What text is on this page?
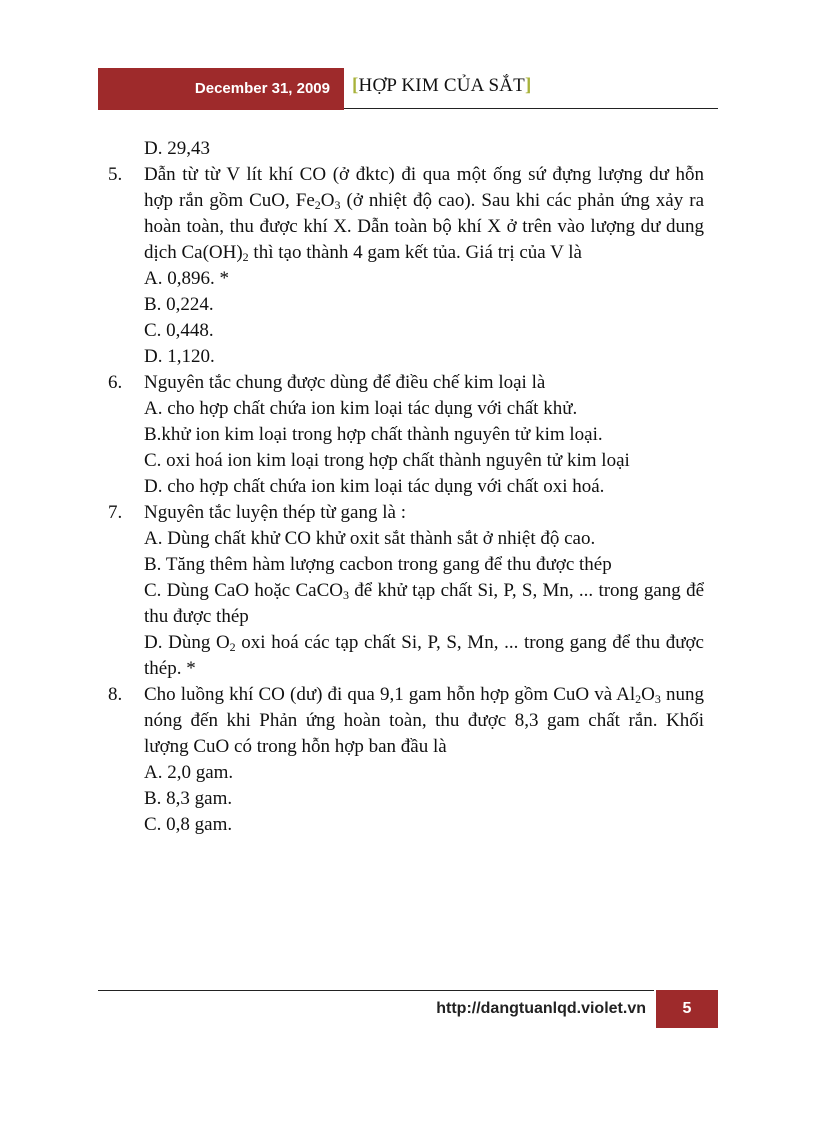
December 31, 2009	[HỢP KIM CỦA SẮT]
D. 29,43
5. Dẫn từ từ V lít khí CO (ở đktc) đi qua một ống sứ đựng lượng dư hỗn hợp rắn gồm CuO, $Fe_2O_3$ (ở nhiệt độ cao). Sau khi các phản ứng xảy ra hoàn toàn, thu được khí X. Dẫn toàn bộ khí X ở trên vào lượng dư dung dịch $Ca(OH)_2$ thì tạo thành 4 gam kết tủa. Giá trị của V là
A. 0,896. *
B. 0,224.
C. 0,448.
D. 1,120.
6. Nguyên tắc chung được dùng để điều chế kim loại là
A. cho hợp chất chứa ion kim loại tác dụng với chất khử.
B.khử ion kim loại trong hợp chất thành nguyên tử kim loại.
C. oxi hoá ion kim loại trong hợp chất thành nguyên tử kim loại
D. cho hợp chất chứa ion kim loại tác dụng với chất oxi hoá.
7. Nguyên tắc luyện thép từ gang là :
A. Dùng chất khử CO khử oxit sắt thành sắt ở nhiệt độ cao.
B. Tăng thêm hàm lượng cacbon trong gang để thu được thép
C. Dùng CaO hoặc CaCO$_3$ để khử tạp chất Si, P, S, Mn, ... trong gang để thu được thép
D. Dùng $O_2$ oxi hoá các tạp chất Si, P, S, Mn, ... trong gang để thu được thép. *
8. Cho luồng khí CO (dư) đi qua 9,1 gam hỗn hợp gồm CuO và $Al_2O_3$ nung nóng đến khi Phản ứng hoàn toàn, thu được 8,3 gam chất rắn. Khối lượng CuO có trong hỗn hợp ban đầu là
A. 2,0 gam.
B. 8,3 gam.
C. 0,8 gam.
http://dangtuanlqd.violet.vn	5
